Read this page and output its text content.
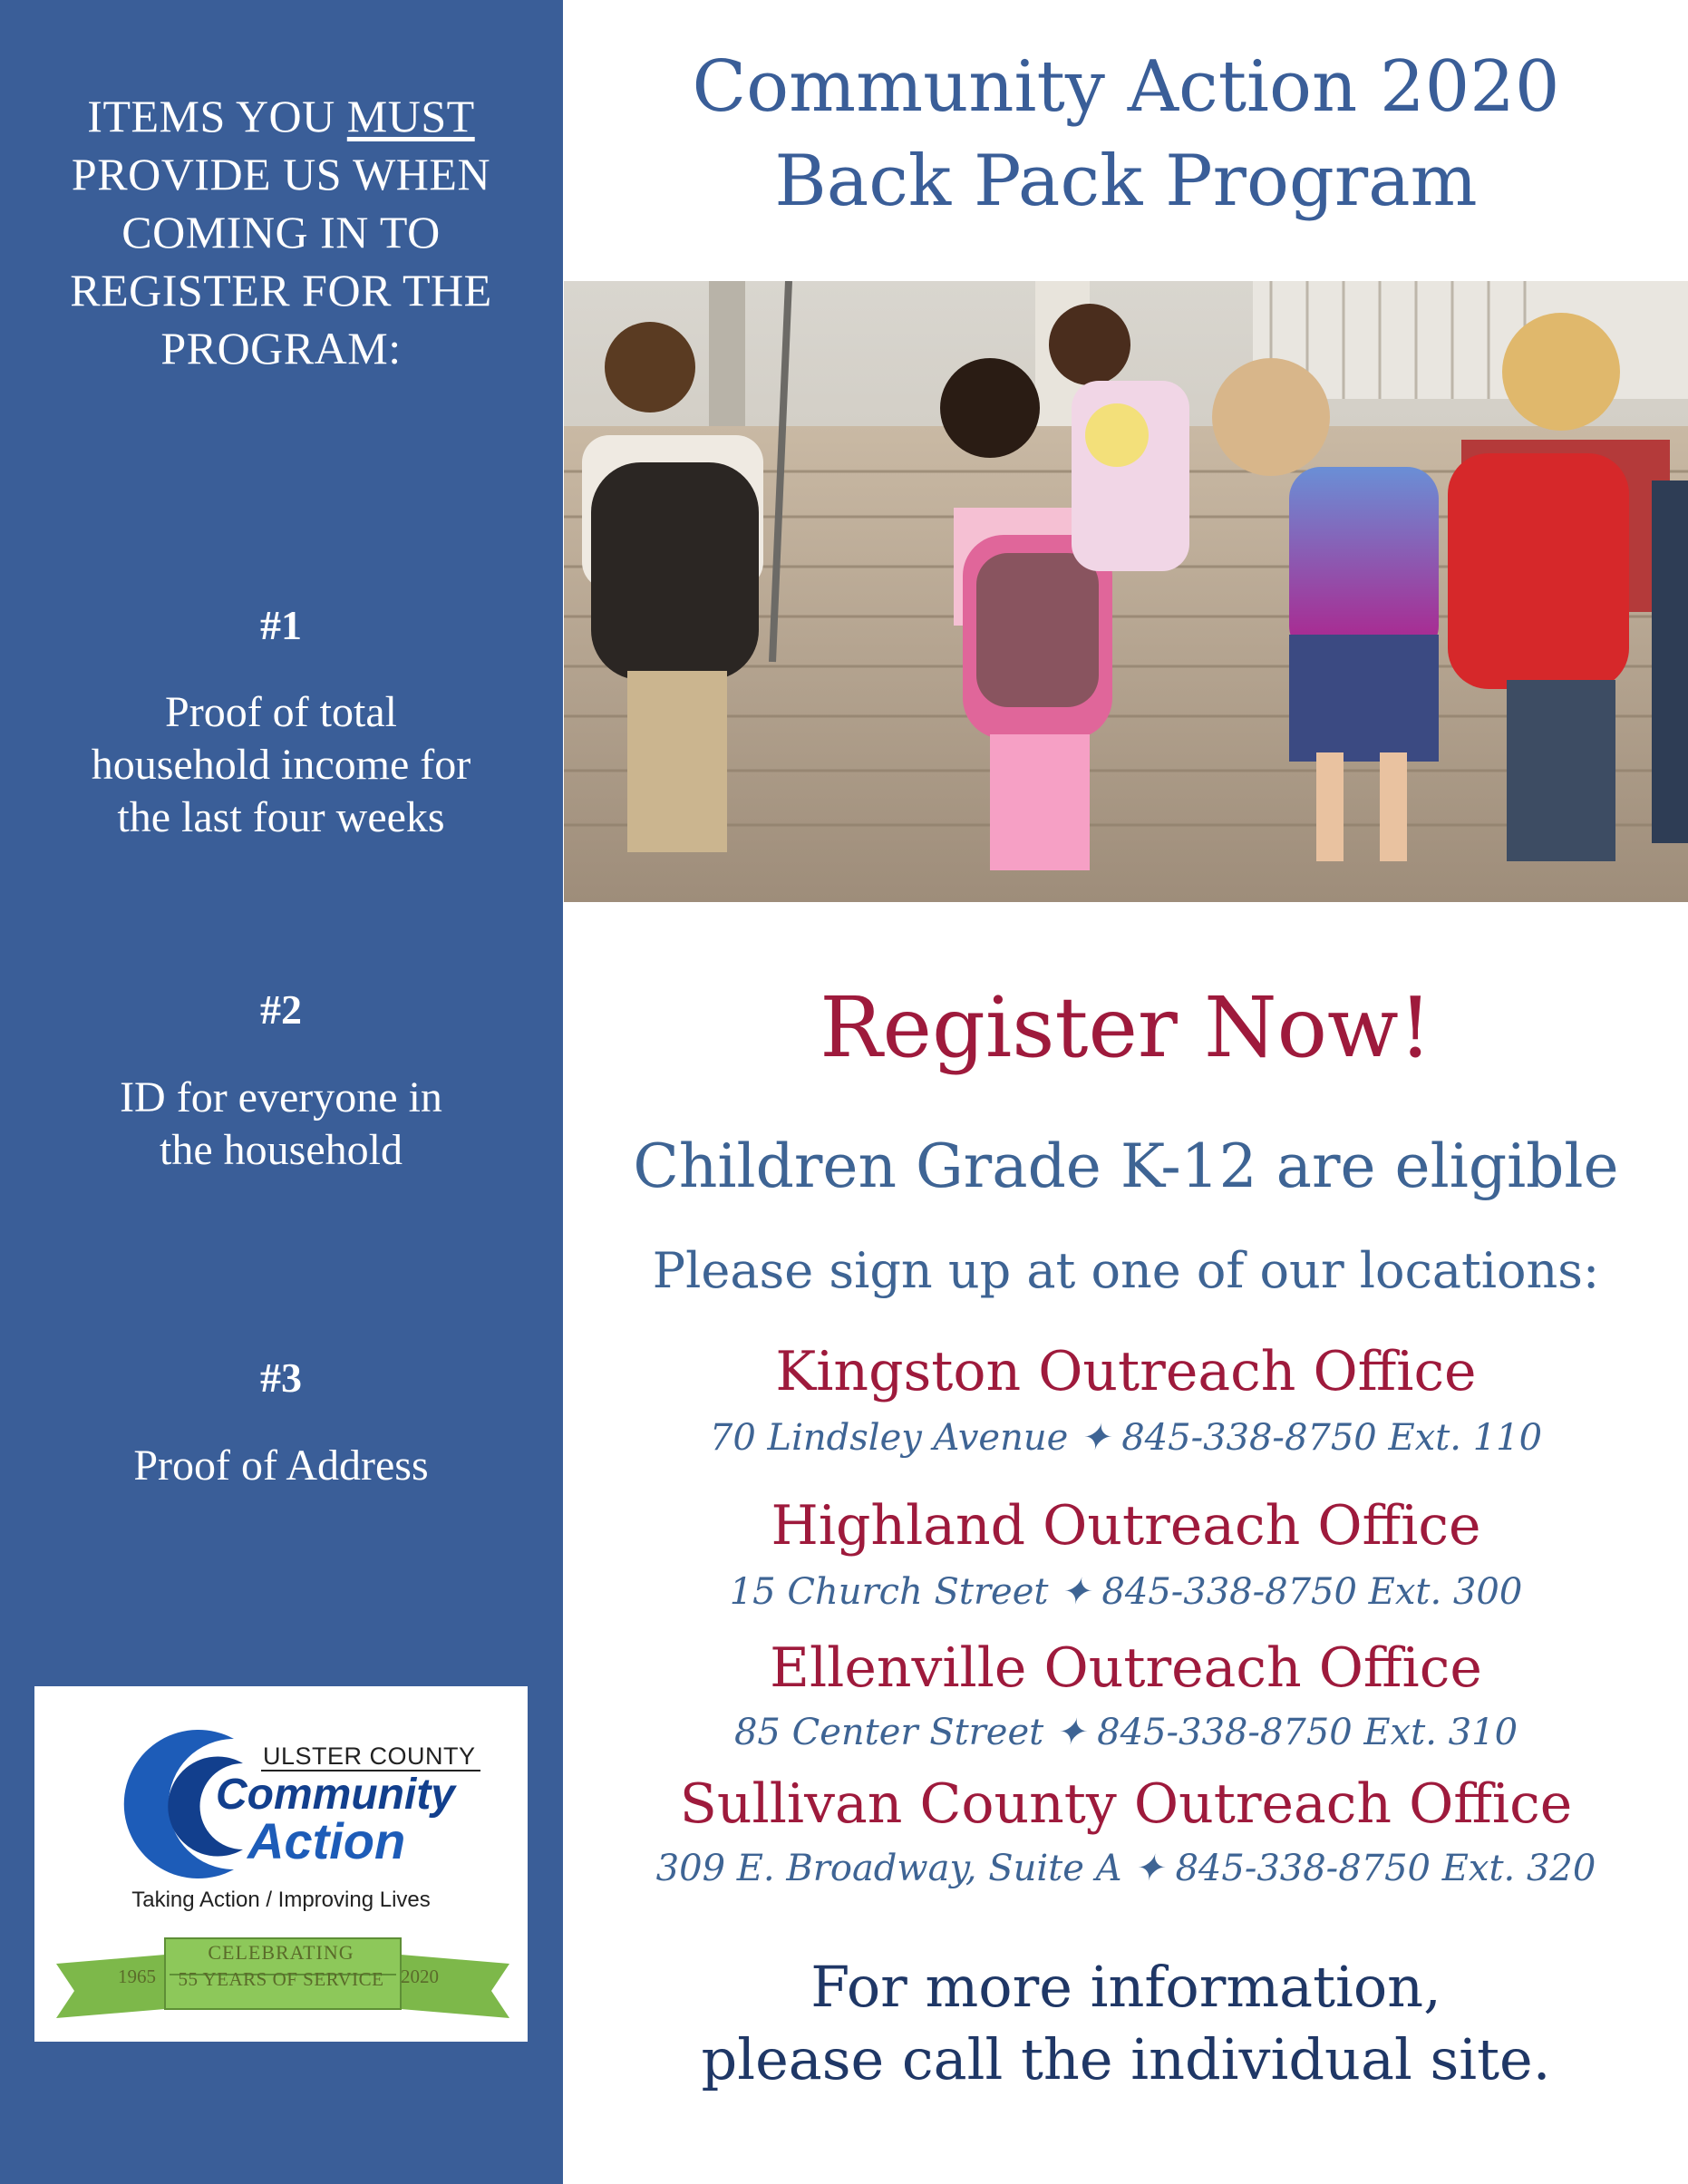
ITEMS YOU MUST
PROVIDE US WHEN COMING IN TO REGISTER FOR THE PROGRAM:
#1
Proof of total household income for the last four weeks
#2
ID for everyone in the household
#3
Proof of Address
ULSTER COUNTY
Community
Action
Taking Action / Improving Lives
CELEBRATING
55 YEARS OF SERVICE
1965	2020
Community Action 2020
Back Pack Program
Register Now!
Children Grade K-12 are eligible
Please sign up at one of our locations:
Kingston Outreach Office
70 Lindsley Avenue ✦ 845-338-8750 Ext. 110
Highland Outreach Office
15 Church Street ✦ 845-338-8750 Ext. 300
Ellenville Outreach Office
85 Center Street ✦ 845-338-8750 Ext. 310
Sullivan County Outreach Office
309 E. Broadway, Suite A ✦ 845-338-8750 Ext. 320
For more information,
please call the individual site.
